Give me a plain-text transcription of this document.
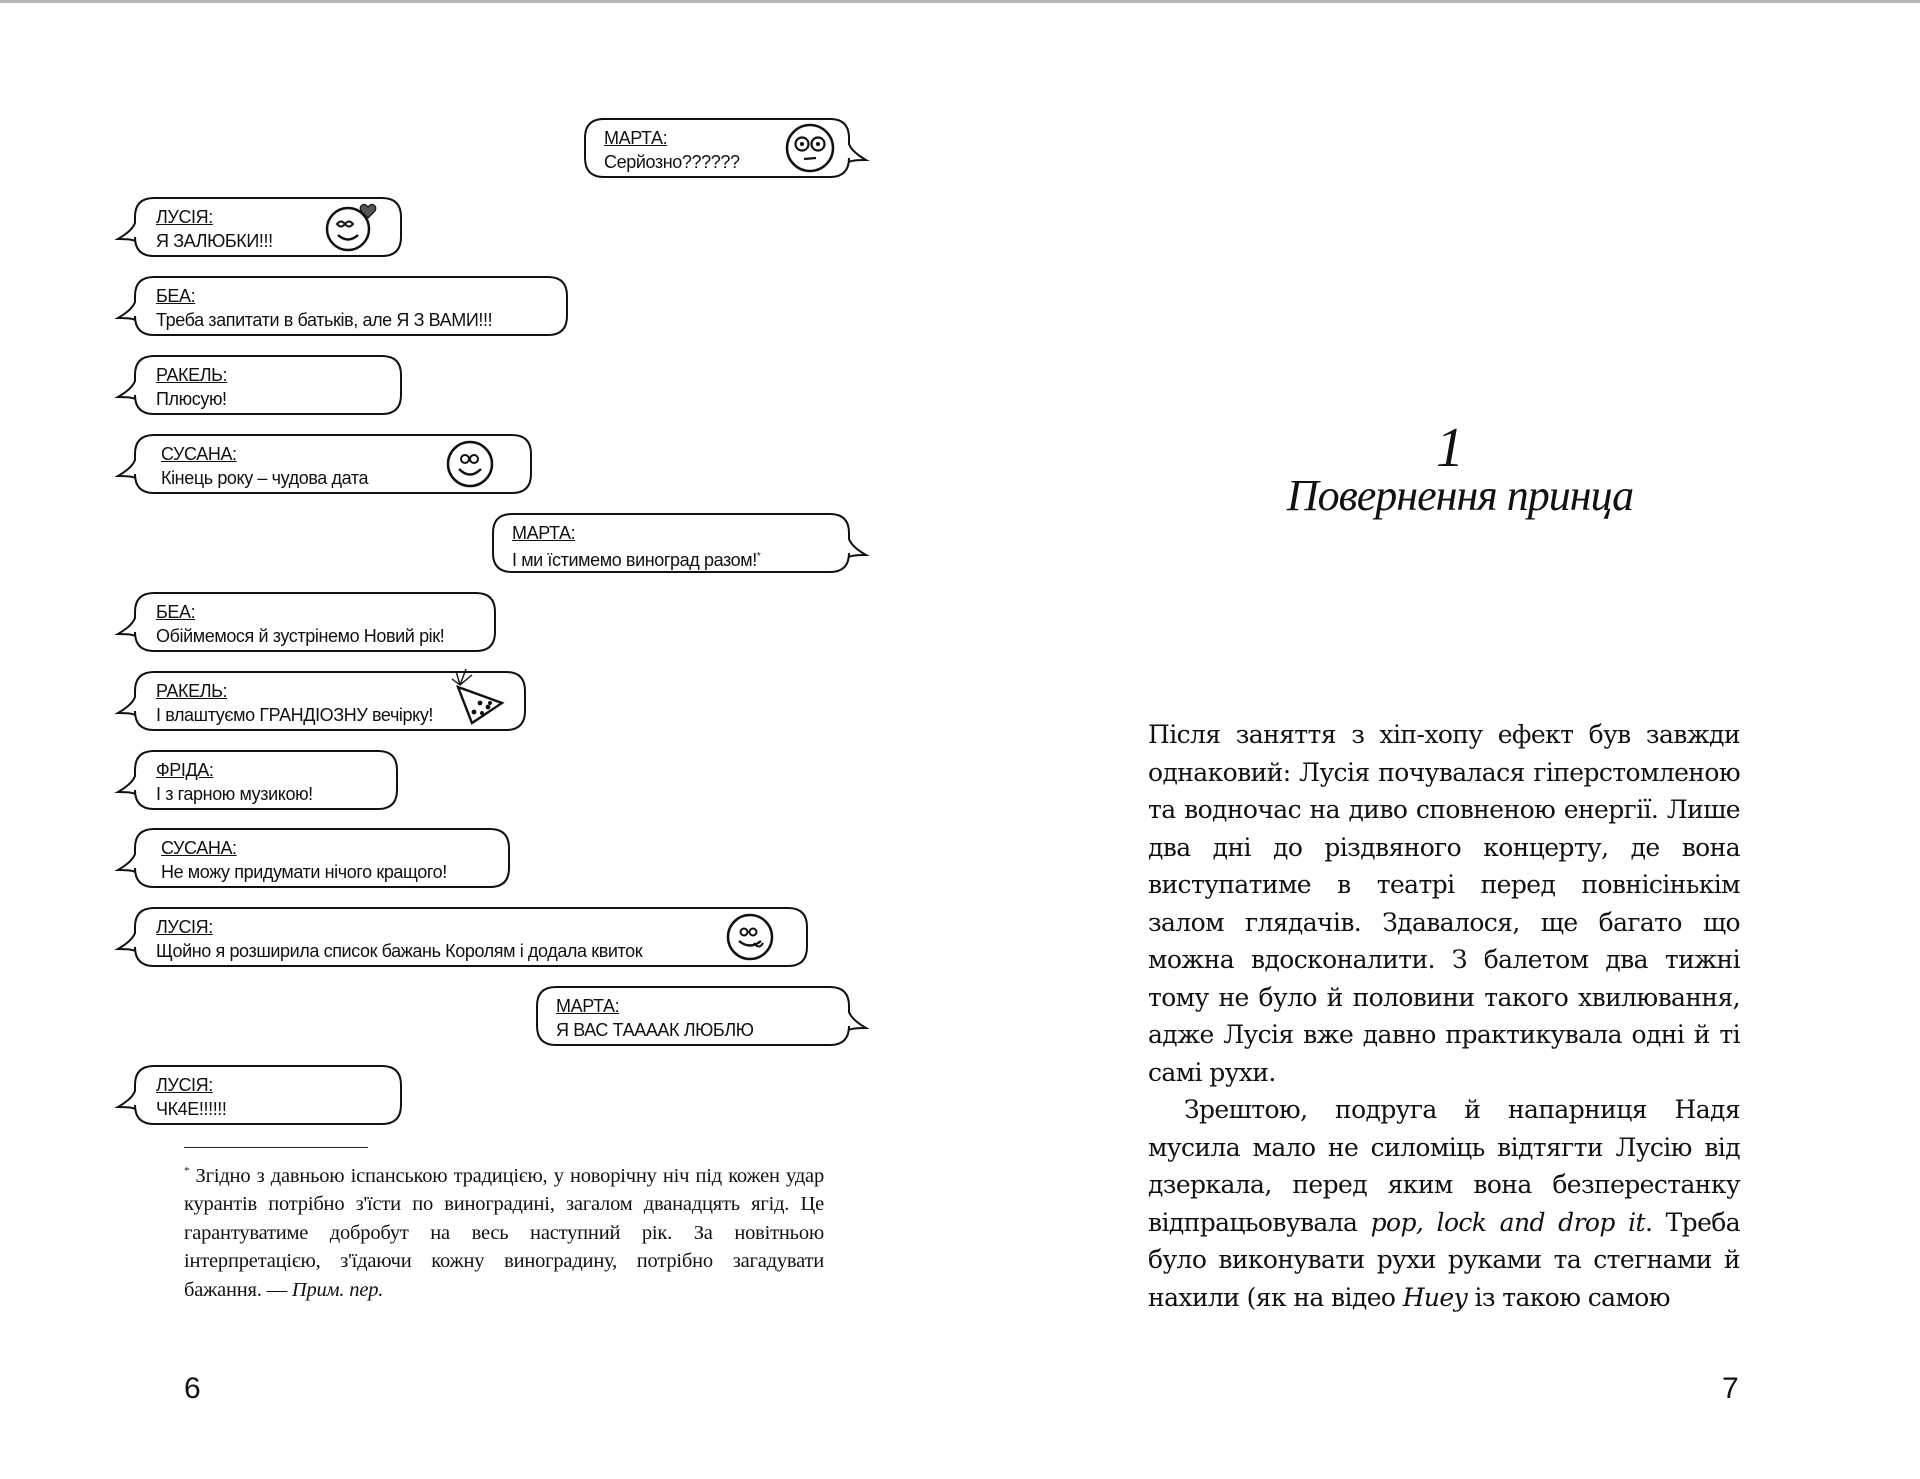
МАРТА:
Серйозно??????
ЛУСІЯ:
Я ЗАЛЮБКИ!!!
БЕА:
Треба запитати в батьків, але Я З ВАМИ!!!
РАКЕЛЬ:
Плюсую!
СУСАНА:
Кінець року – чудова дата
МАРТА:
І ми їстимемо виноград разом!*
БЕА:
Обіймемося й зустрінемо Новий рік!
РАКЕЛЬ:
І влаштуємо ГРАНДІОЗНУ вечірку!
ФРІДА:
І з гарною музикою!
СУСАНА:
Не можу придумати нічого кращого!
ЛУСІЯ:
Щойно я розширила список бажань Королям і додала квиток
МАРТА:
Я ВАС ТААААК ЛЮБЛЮ
ЛУСІЯ:
ЧК4Е!!!!!!
* Згідно з давньою іспанською традицією, у новорічну ніч під кожен удар курантів потрібно з'їсти по виноградині, загалом дванадцять ягід. Це гарантуватиме добробут на весь наступний рік. За новітньою інтерпретацією, з'їдаючи кожну виноградину, потрібно загадувати бажання. — Прим. пер.
6
1
Повернення принца

Після заняття з хіп-хопу ефект був завжди однаковий: Лусія почувалася гіперстомленою та водночас на диво сповненою енергії. Лише два дні до різдвяного концерту, де вона виступатиме в театрі перед повнісінькім залом глядачів. Здавалося, ще багато що можна вдосконалити. З балетом два тижні тому не було й половини такого хвилювання, адже Лусія вже давно практикувала одні й ті самі рухи.

Зрештою, подруга й напарниця Надя мусила мало не силоміць відтягти Лусію від дзеркала, перед яким вона безперестанку відпрацьовувала pop, lock and drop it. Треба було виконувати рухи руками та стегнами й нахили (як на відео Huey із такою самою

7
